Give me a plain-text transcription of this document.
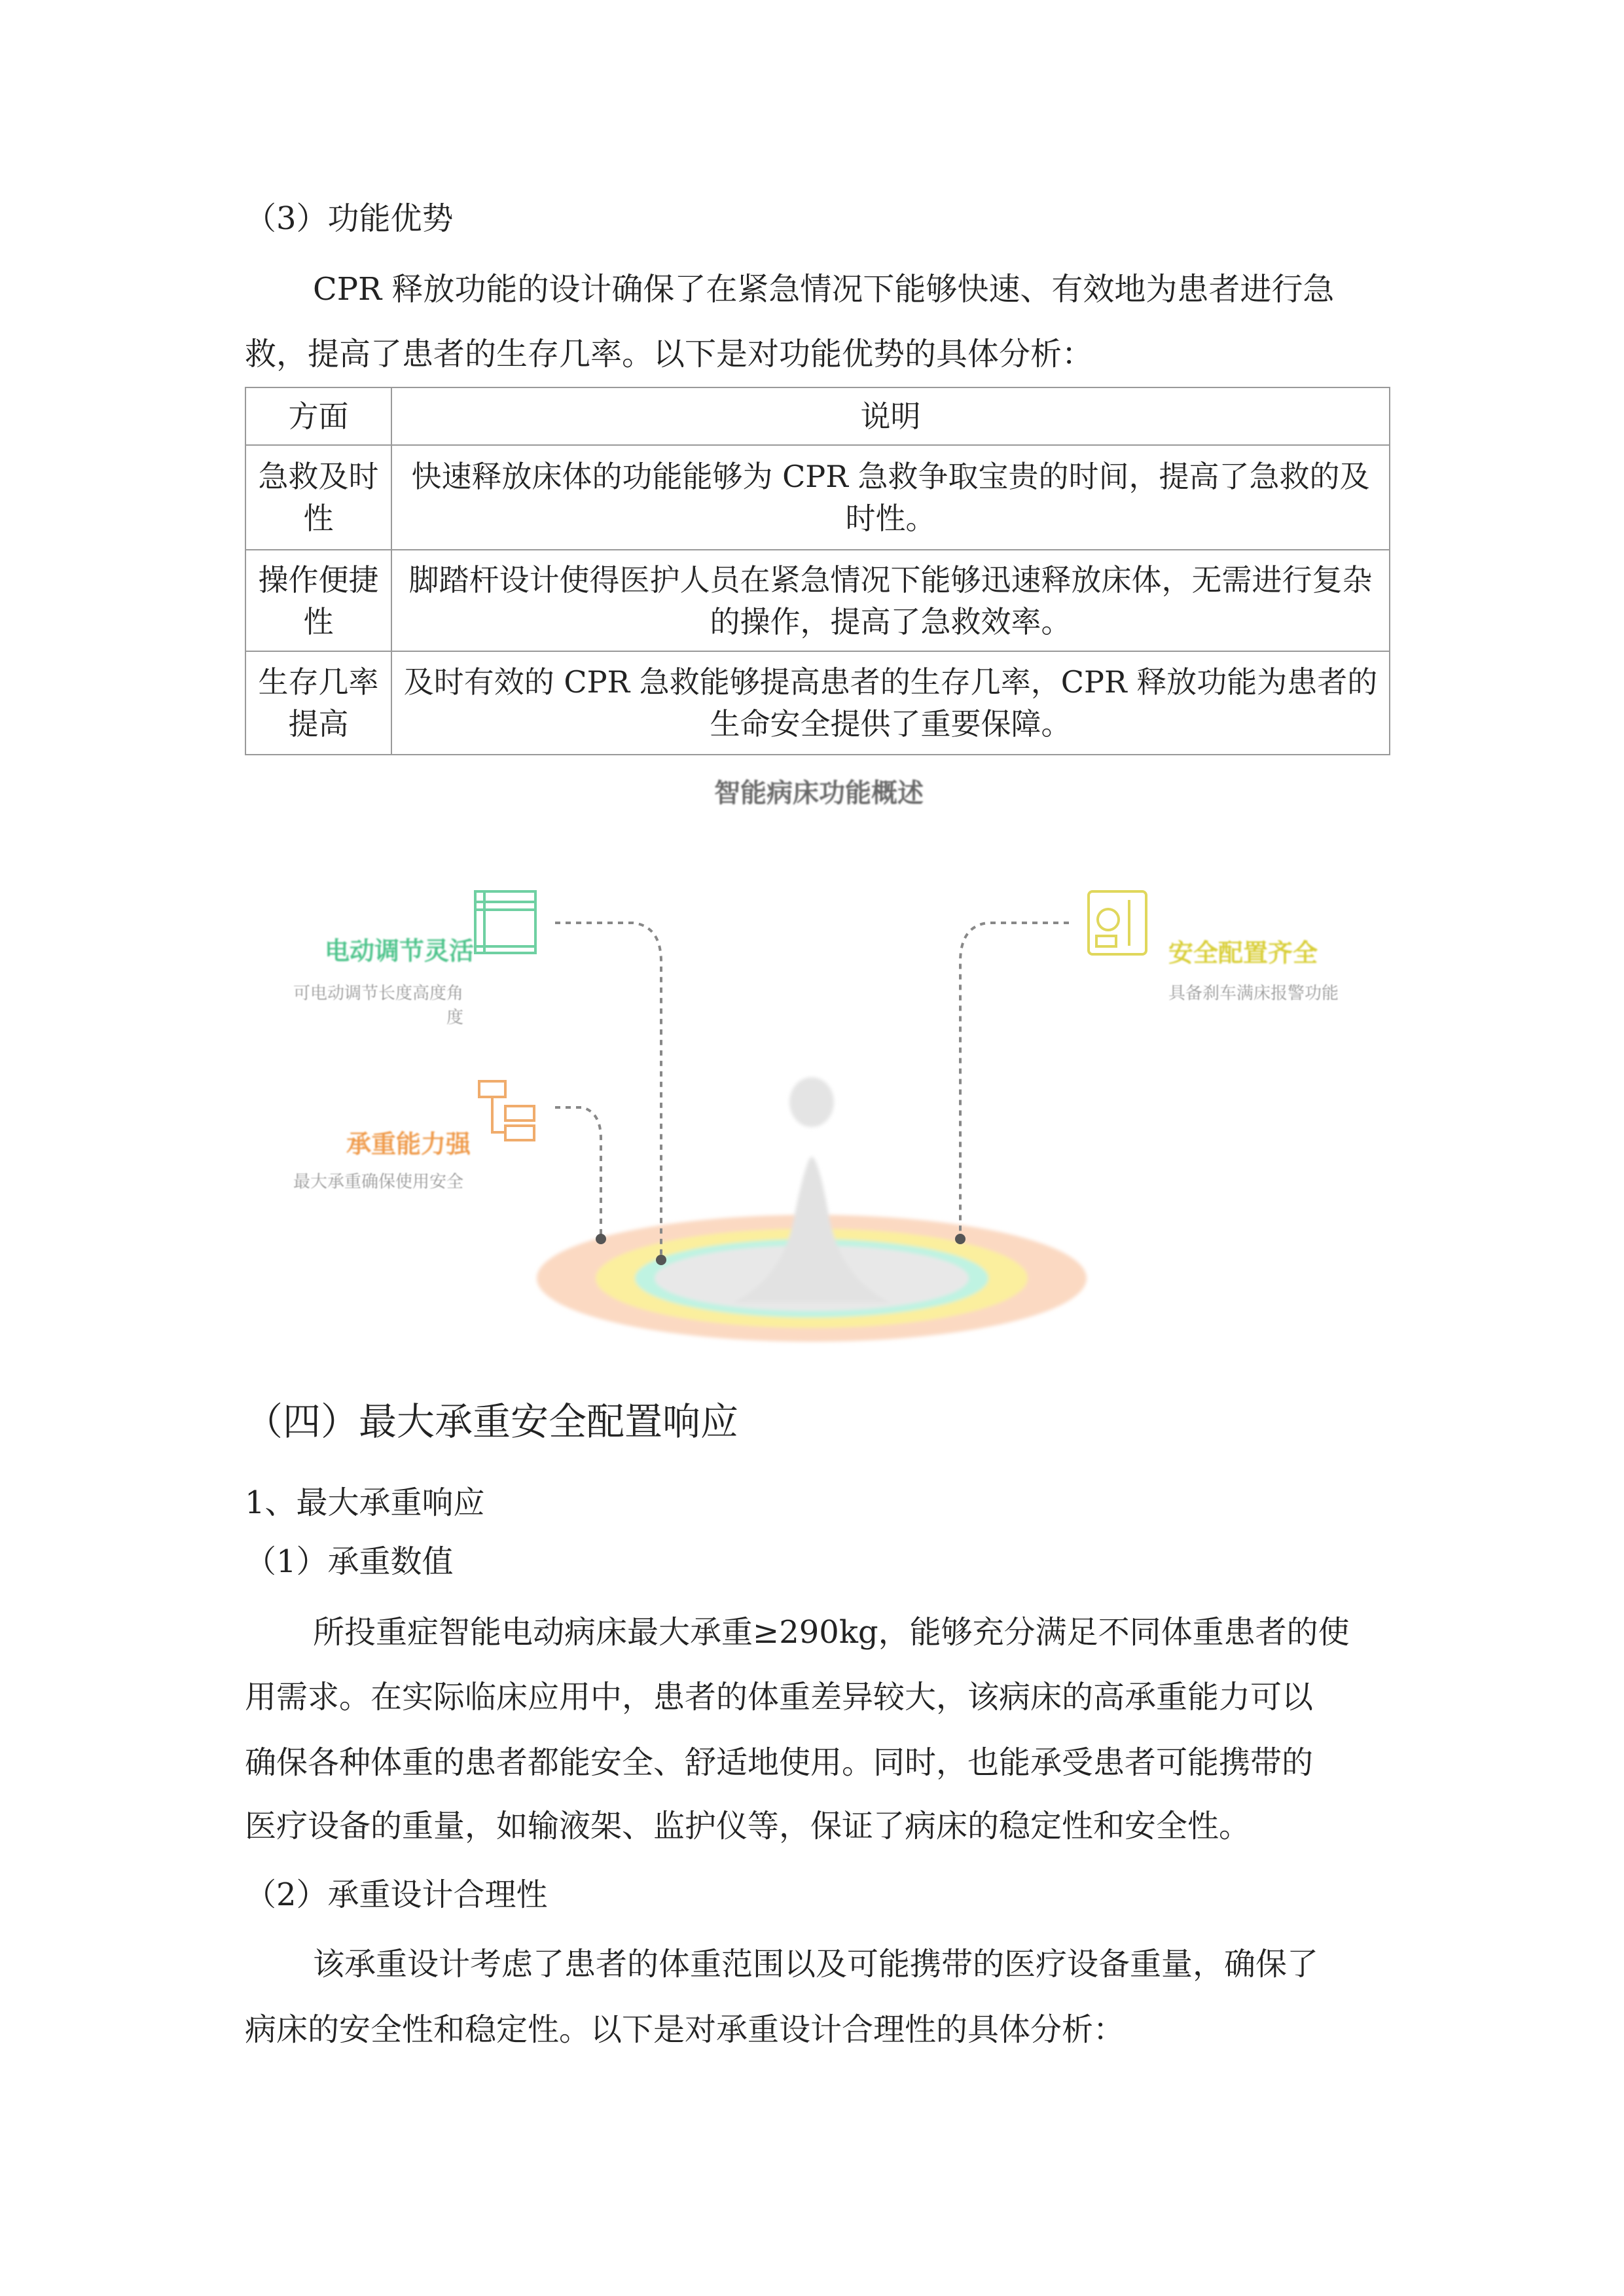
（3）功能优势
CPR 释放功能的设计确保了在紧急情况下能够快速、有效地为患者进行急
救，提高了患者的生存几率。以下是对功能优势的具体分析：
方面	说明
急救及时性	快速释放床体的功能能够为 CPR 急救争取宝贵的时间，提高了急救的及时性。
操作便捷性	脚踏杆设计使得医护人员在紧急情况下能够迅速释放床体，无需进行复杂的操作，提高了急救效率。
生存几率提高	及时有效的 CPR 急救能够提高患者的生存几率，CPR 释放功能为患者的生命安全提供了重要保障。
智能病床功能概述
电动调节灵活
可电动调节长度高度角
度
安全配置齐全
具备刹车满床报警功能
承重能力强
最大承重确保使用安全
（四）最大承重安全配置响应
1、最大承重响应
（1）承重数值
所投重症智能电动病床最大承重≥290kg，能够充分满足不同体重患者的使
用需求。在实际临床应用中，患者的体重差异较大，该病床的高承重能力可以
确保各种体重的患者都能安全、舒适地使用。同时，也能承受患者可能携带的
医疗设备的重量，如输液架、监护仪等，保证了病床的稳定性和安全性。
（2）承重设计合理性
该承重设计考虑了患者的体重范围以及可能携带的医疗设备重量，确保了
病床的安全性和稳定性。以下是对承重设计合理性的具体分析：
